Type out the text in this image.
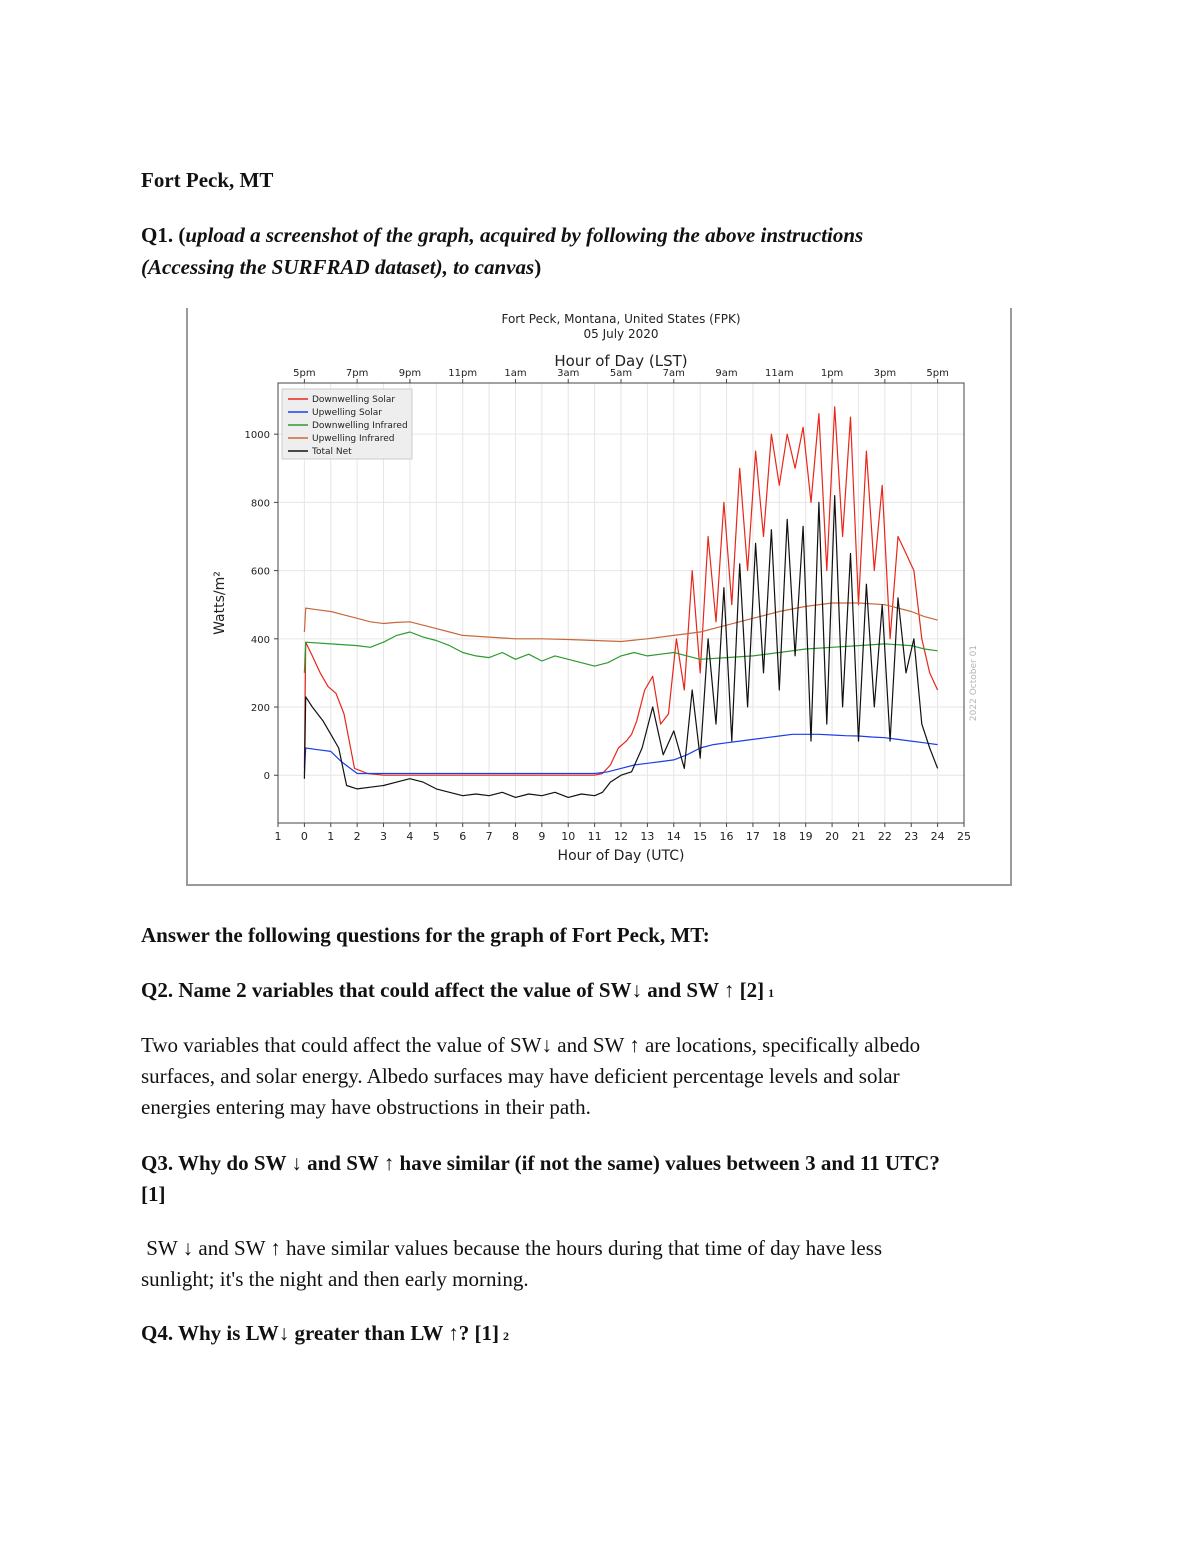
Fort Peck, MT

Q1. (upload a screenshot of the graph, acquired by following the above instructions

(Accessing the SURFRAD dataset), to canvas)

Fort Peck, Montana, United States (FPK)
05 July 2020
Hour of Day (LST)
5pm	7pm	9pm	11pm	1am	3am	5am	7am	9am	11am	1pm	3pm	5pm
1 0 1 2 3 4 5 6 7 8 9 10 11 12 13 14 15 16 17 18 19 20 21 22 23 24 25
Hour of Day (UTC)
0
200
400
600
800
1000
Watts/m²
Downwelling Solar
Upwelling Solar
Downwelling Infrared
Upwelling Infrared
Total Net
2022 October 01

Answer the following questions for the graph of Fort Peck, MT:

Q2. Name 2 variables that could affect the value of SW↓ and SW ↑ [2] 1

Two variables that could affect the value of SW↓ and SW ↑ are locations, specifically albedo

surfaces, and solar energy. Albedo surfaces may have deficient percentage levels and solar

energies entering may have obstructions in their path.

Q3. Why do SW ↓ and SW ↑ have similar (if not the same) values between 3 and 11 UTC?

[1]

SW ↓ and SW ↑ have similar values because the hours during that time of day have less

sunlight; it's the night and then early morning.

Q4. Why is LW↓ greater than LW ↑? [1] 2
